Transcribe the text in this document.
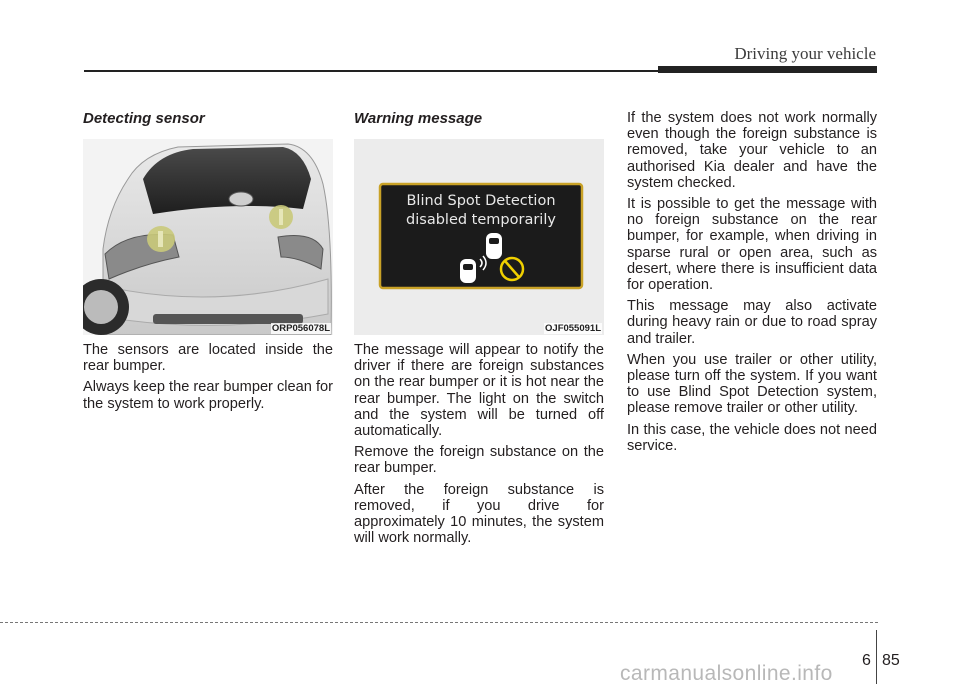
Driving your vehicle
Detecting sensor
ORP056078L

The sensors are located inside the rear bumper.

Always keep the rear bumper clean for the system to work properly.

Warning message
Blind Spot Detection
disabled temporarily
OJF055091L

The message will appear to notify the driver if there are foreign substances on the rear bumper or it is hot near the rear bumper. The light on the switch and the system will be turned off automatically.

Remove the foreign substance on the rear bumper.

After the foreign substance is removed, if you drive for approximately 10 minutes, the system will work normally.

If the system does not work normally even though the foreign substance is removed, take your vehicle to an authorised Kia dealer and have the system checked.

It is possible to get the message with no foreign substance on the rear bumper, for example, when driving in sparse rural or open area, such as desert, where there is insufficient data for operation.

This message may also activate during heavy rain or due to road spray and trailer.

When you use trailer or other utility, please turn off the system. If you want to use Blind Spot Detection system, please remove trailer or other utility.

In this case, the vehicle does not need service.

6 85
carmanualsonline.info
